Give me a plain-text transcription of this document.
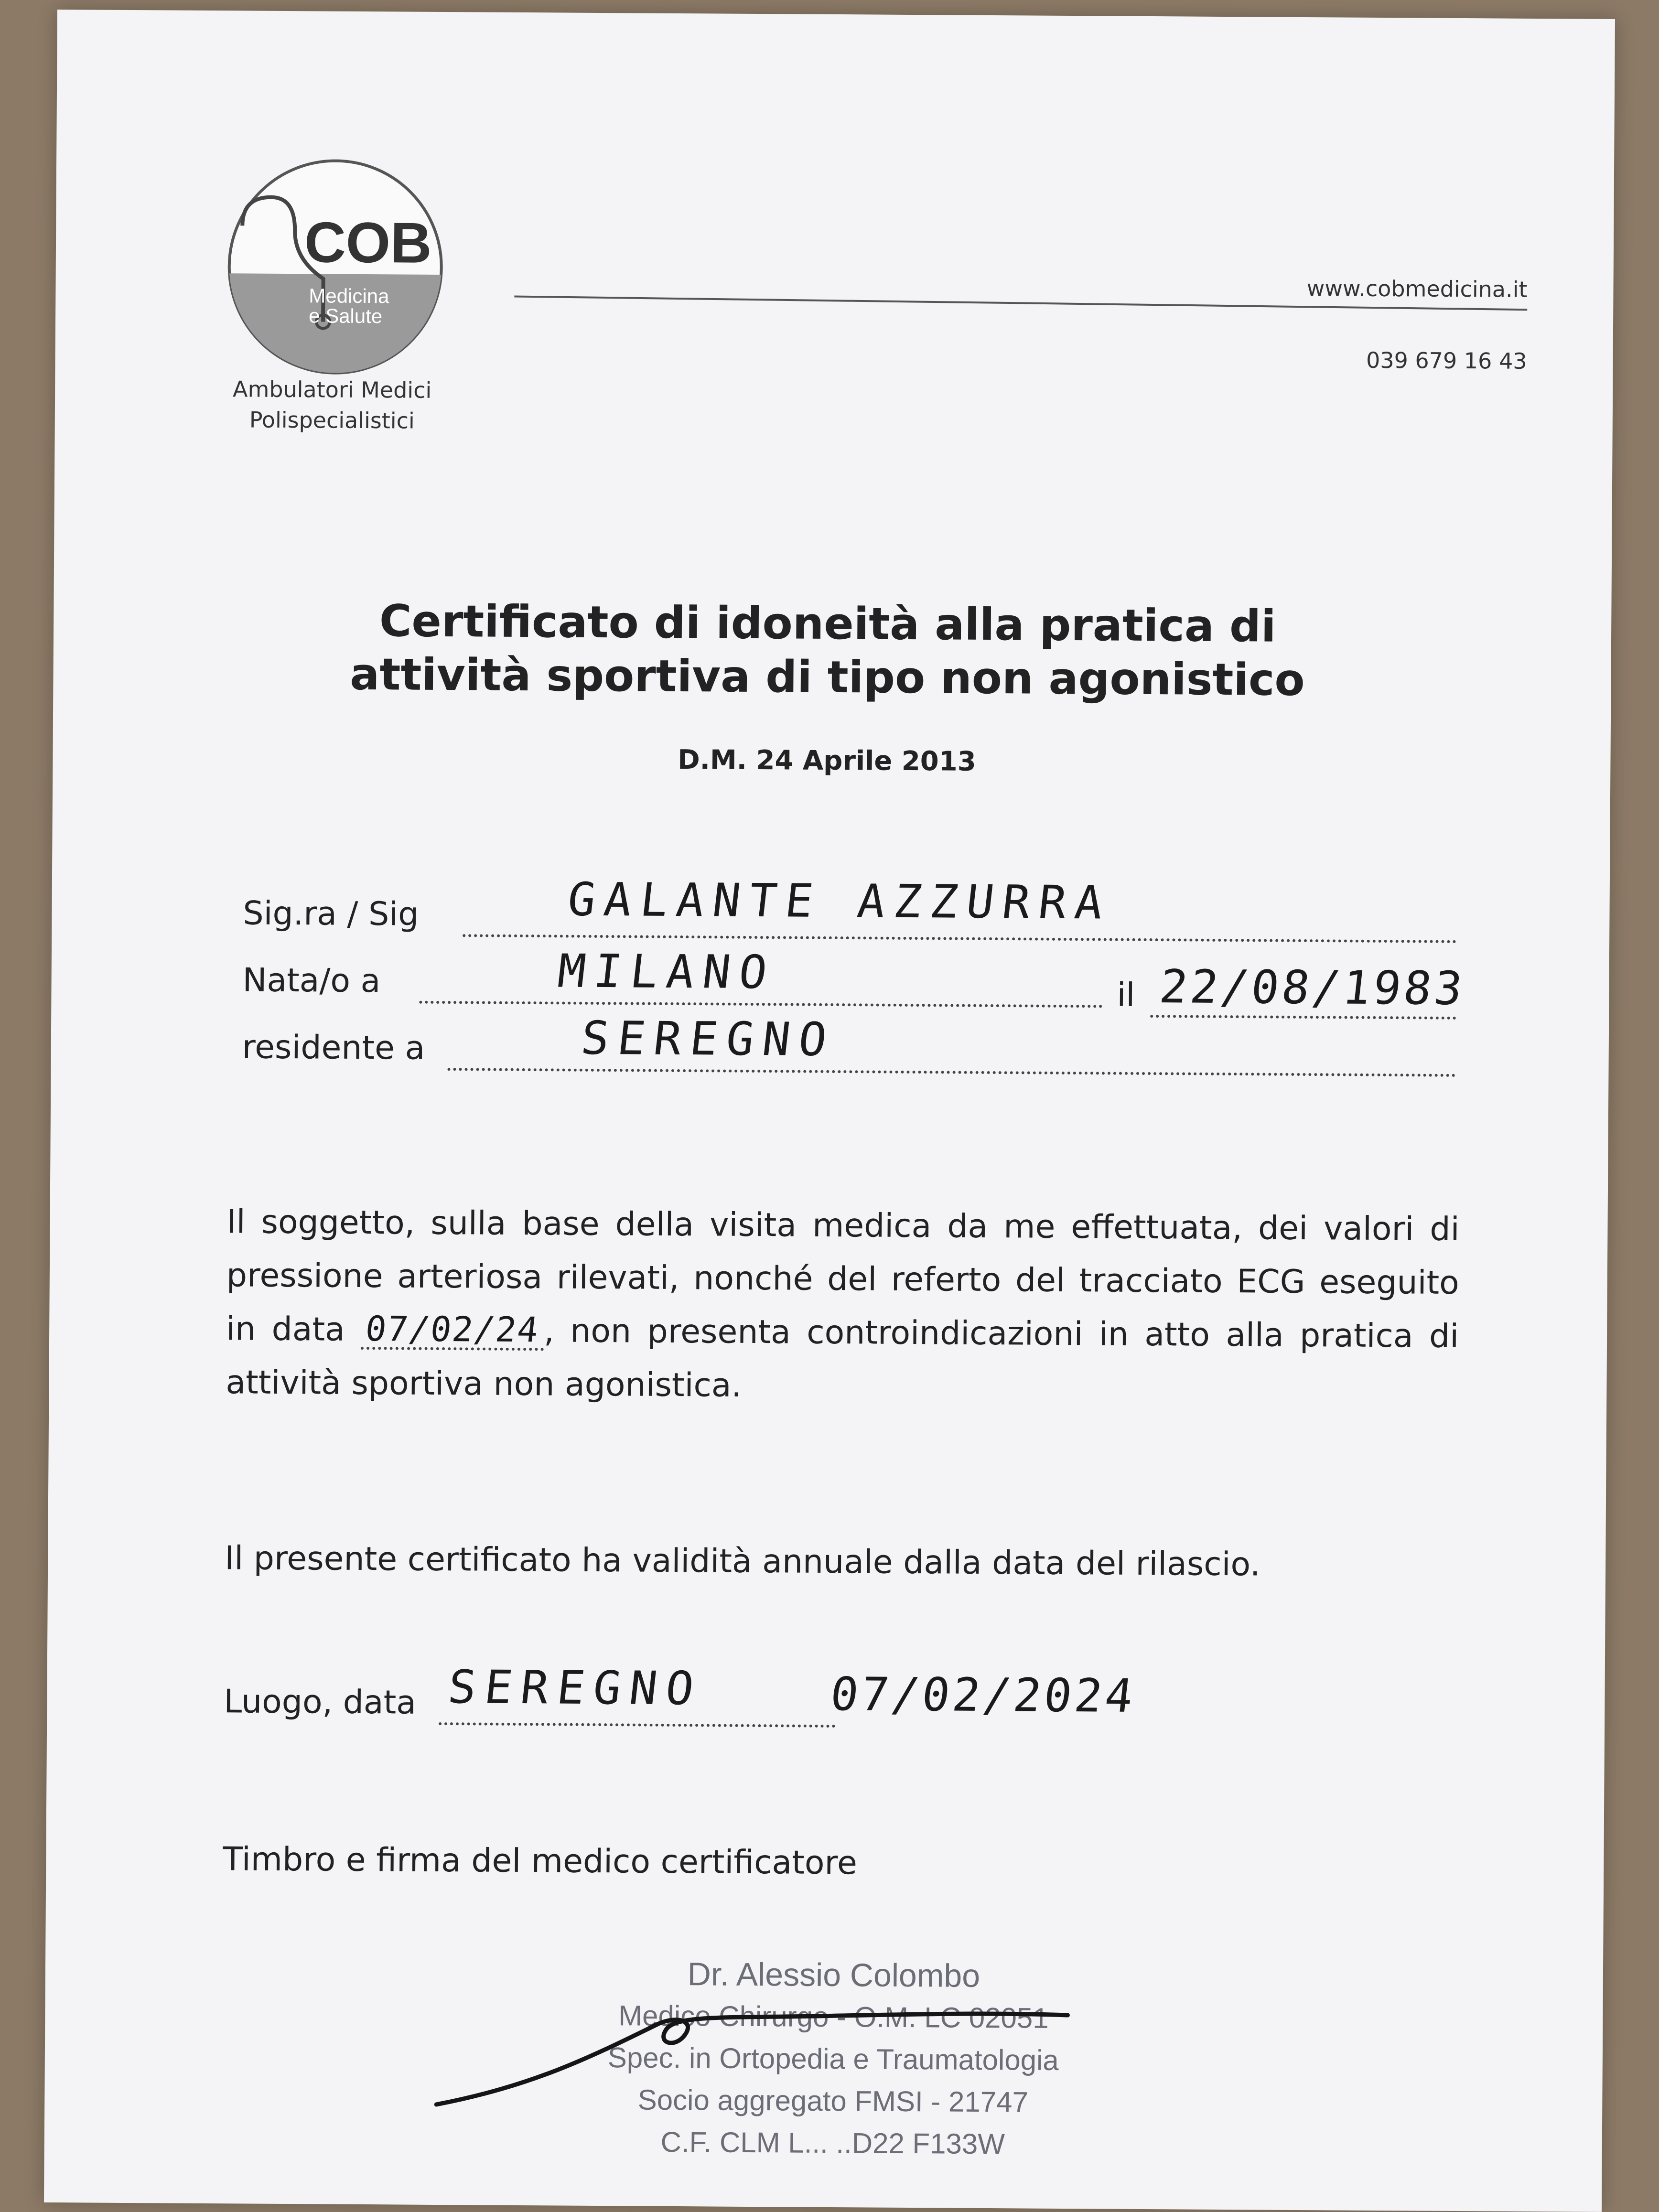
COB
Medicina
e Salute
Ambulatori Medici
Polispecialistici
www.cobmedicina.it
039 679 16 43
Certificato di idoneità alla pratica di
attività sportiva di tipo non agonistico
D.M. 24 Aprile 2013
Sig.ra / Sig	GALANTE AZZURRA
Nata/o a	MILANO	il 22/08/1983
residente a	SEREGNO
Il soggetto, sulla base della visita medica da me effettuata, dei valori di pressione arteriosa rilevati, nonché del referto del tracciato ECG eseguito in data 07/02/24, non presenta controindicazioni in atto alla pratica di attività sportiva non agonistica.
Il presente certificato ha validità annuale dalla data del rilascio.
Luogo, data SEREGNO	07/02/2024
Timbro e firma del medico certificatore
Dr. Alessio Colombo
Medico Chirurgo - O.M. LC 02051
Spec. in Ortopedia e Traumatologia
Socio aggregato FMSI - 21747
C.F. CLM L... ..D22 F133W
